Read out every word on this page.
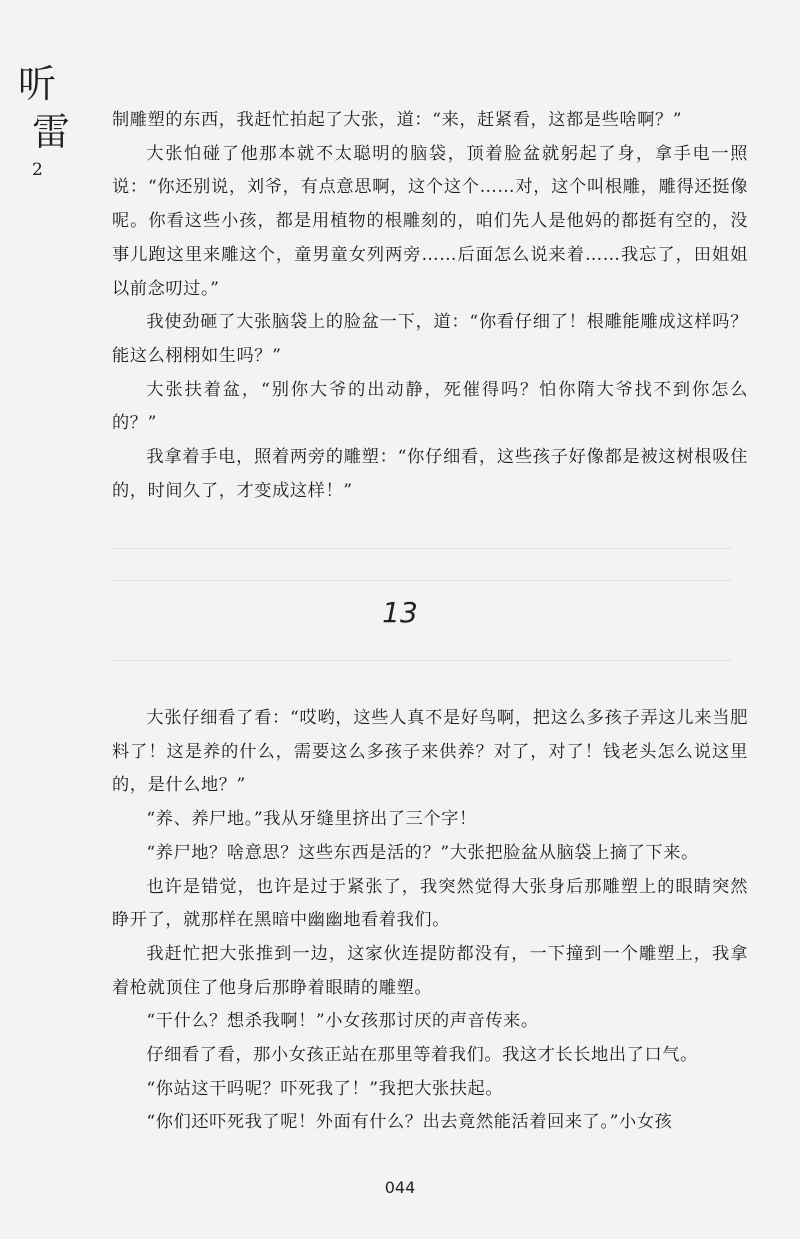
听
雷
2

制雕塑的东西，我赶忙拍起了大张，道：“来，赶紧看，这都是些啥啊？”

大张怕碰了他那本就不太聪明的脑袋，顶着脸盆就躬起了身，拿手电一照说：“你还别说，刘爷，有点意思啊，这个这个……对，这个叫根雕，雕得还挺像呢。你看这些小孩，都是用植物的根雕刻的，咱们先人是他妈的都挺有空的，没事儿跑这里来雕这个，童男童女列两旁……后面怎么说来着……我忘了，田姐姐以前念叨过。”

我使劲砸了大张脑袋上的脸盆一下，道：“你看仔细了！根雕能雕成这样吗？能这么栩栩如生吗？”

大张扶着盆，“别你大爷的出动静，死催得吗？怕你隋大爷找不到你怎么的？”

我拿着手电，照着两旁的雕塑：“你仔细看，这些孩子好像都是被这树根吸住的，时间久了，才变成这样！”

13

大张仔细看了看：“哎哟，这些人真不是好鸟啊，把这么多孩子弄这儿来当肥料了！这是养的什么，需要这么多孩子来供养？对了，对了！钱老头怎么说这里的，是什么地？”

“养、养尸地。”我从牙缝里挤出了三个字！

“养尸地？啥意思？这些东西是活的？”大张把脸盆从脑袋上摘了下来。

也许是错觉，也许是过于紧张了，我突然觉得大张身后那雕塑上的眼睛突然睁开了，就那样在黑暗中幽幽地看着我们。

我赶忙把大张推到一边，这家伙连提防都没有，一下撞到一个雕塑上，我拿着枪就顶住了他身后那睁着眼睛的雕塑。

“干什么？想杀我啊！”小女孩那讨厌的声音传来。

仔细看了看，那小女孩正站在那里等着我们。我这才长长地出了口气。

“你站这干吗呢？吓死我了！”我把大张扶起。

“你们还吓死我了呢！外面有什么？出去竟然能活着回来了。”小女孩

044
